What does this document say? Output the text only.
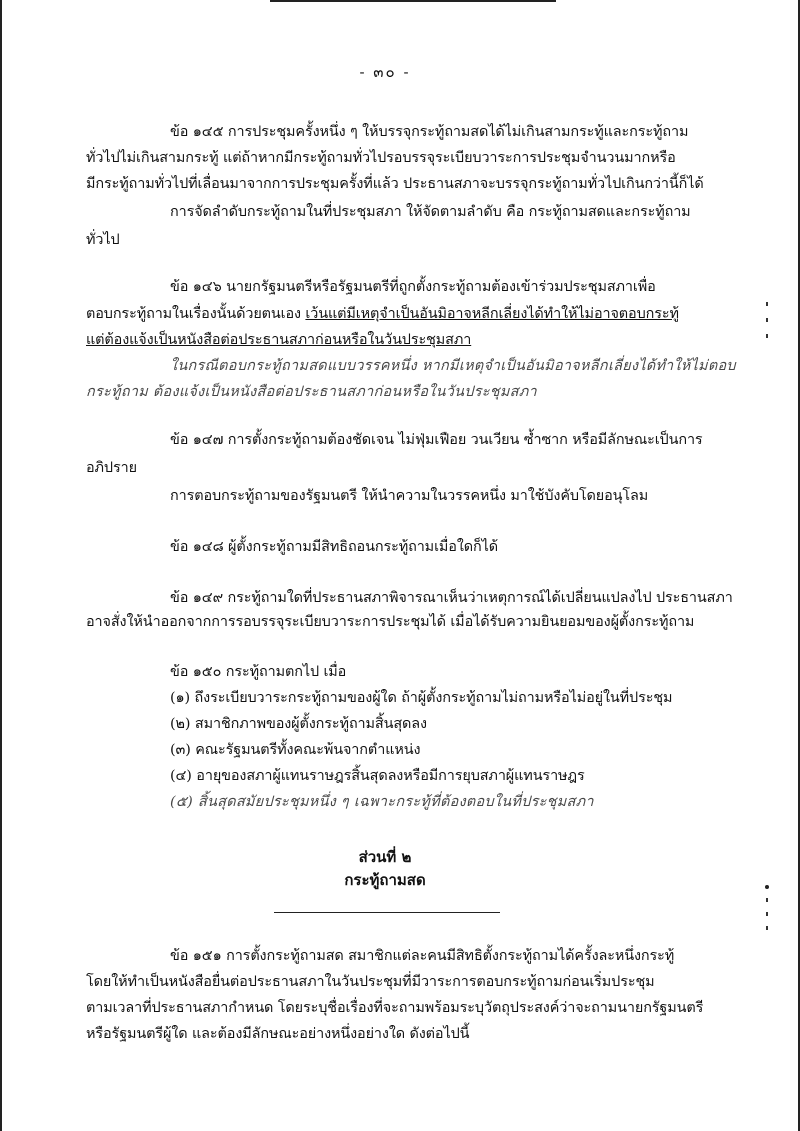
- ๓๐ -
ข้อ ๑๔๕ การประชุมครั้งหนึ่ง ๆ ให้บรรจุกระทู้ถามสดได้ไม่เกินสามกระทู้และกระทู้ถาม
ทั่วไปไม่เกินสามกระทู้ แต่ถ้าหากมีกระทู้ถามทั่วไปรอบรรจุระเบียบวาระการประชุมจำนวนมากหรือ
มีกระทู้ถามทั่วไปที่เลื่อนมาจากการประชุมครั้งที่แล้ว ประธานสภาจะบรรจุกระทู้ถามทั่วไปเกินกว่านี้ก็ได้
การจัดลำดับกระทู้ถามในที่ประชุมสภา ให้จัดตามลำดับ คือ กระทู้ถามสดและกระทู้ถาม
ทั่วไป
ข้อ ๑๔๖ นายกรัฐมนตรีหรือรัฐมนตรีที่ถูกตั้งกระทู้ถามต้องเข้าร่วมประชุมสภาเพื่อ
ตอบกระทู้ถามในเรื่องนั้นด้วยตนเอง เว้นแต่มีเหตุจำเป็นอันมิอาจหลีกเลี่ยงได้ทำให้ไม่อาจตอบกระทู้
แต่ต้องแจ้งเป็นหนังสือต่อประธานสภาก่อนหรือในวันประชุมสภา
ในกรณีตอบกระทู้ถามสดแบบวรรคหนึ่ง หากมีเหตุจำเป็นอันมิอาจหลีกเลี่ยงได้ทำให้ไม่ตอบ
กระทู้ถาม ต้องแจ้งเป็นหนังสือต่อประธานสภาก่อนหรือในวันประชุมสภา
ข้อ ๑๔๗ การตั้งกระทู้ถามต้องชัดเจน ไม่ฟุ่มเฟือย วนเวียน ซ้ำซาก หรือมีลักษณะเป็นการ
อภิปราย
การตอบกระทู้ถามของรัฐมนตรี ให้นำความในวรรคหนึ่ง มาใช้บังคับโดยอนุโลม
ข้อ ๑๔๘ ผู้ตั้งกระทู้ถามมีสิทธิถอนกระทู้ถามเมื่อใดก็ได้
ข้อ ๑๔๙ กระทู้ถามใดที่ประธานสภาพิจารณาเห็นว่าเหตุการณ์ได้เปลี่ยนแปลงไป ประธานสภา
อาจสั่งให้นำออกจากการรอบรรจุระเบียบวาระการประชุมได้ เมื่อได้รับความยินยอมของผู้ตั้งกระทู้ถาม
ข้อ ๑๕๐ กระทู้ถามตกไป เมื่อ
(๑) ถึงระเบียบวาระกระทู้ถามของผู้ใด ถ้าผู้ตั้งกระทู้ถามไม่ถามหรือไม่อยู่ในที่ประชุม
(๒) สมาชิกภาพของผู้ตั้งกระทู้ถามสิ้นสุดลง
(๓) คณะรัฐมนตรีทั้งคณะพ้นจากตำแหน่ง
(๔) อายุของสภาผู้แทนราษฎรสิ้นสุดลงหรือมีการยุบสภาผู้แทนราษฎร
(๕) สิ้นสุดสมัยประชุมหนึ่ง ๆ เฉพาะกระทู้ที่ต้องตอบในที่ประชุมสภา
ส่วนที่ ๒
กระทู้ถามสด
ข้อ ๑๕๑ การตั้งกระทู้ถามสด สมาชิกแต่ละคนมีสิทธิตั้งกระทู้ถามได้ครั้งละหนึ่งกระทู้
โดยให้ทำเป็นหนังสือยื่นต่อประธานสภาในวันประชุมที่มีวาระการตอบกระทู้ถามก่อนเริ่มประชุม
ตามเวลาที่ประธานสภากำหนด โดยระบุชื่อเรื่องที่จะถามพร้อมระบุวัตถุประสงค์ว่าจะถามนายกรัฐมนตรี
หรือรัฐมนตรีผู้ใด และต้องมีลักษณะอย่างหนึ่งอย่างใด ดังต่อไปนี้
